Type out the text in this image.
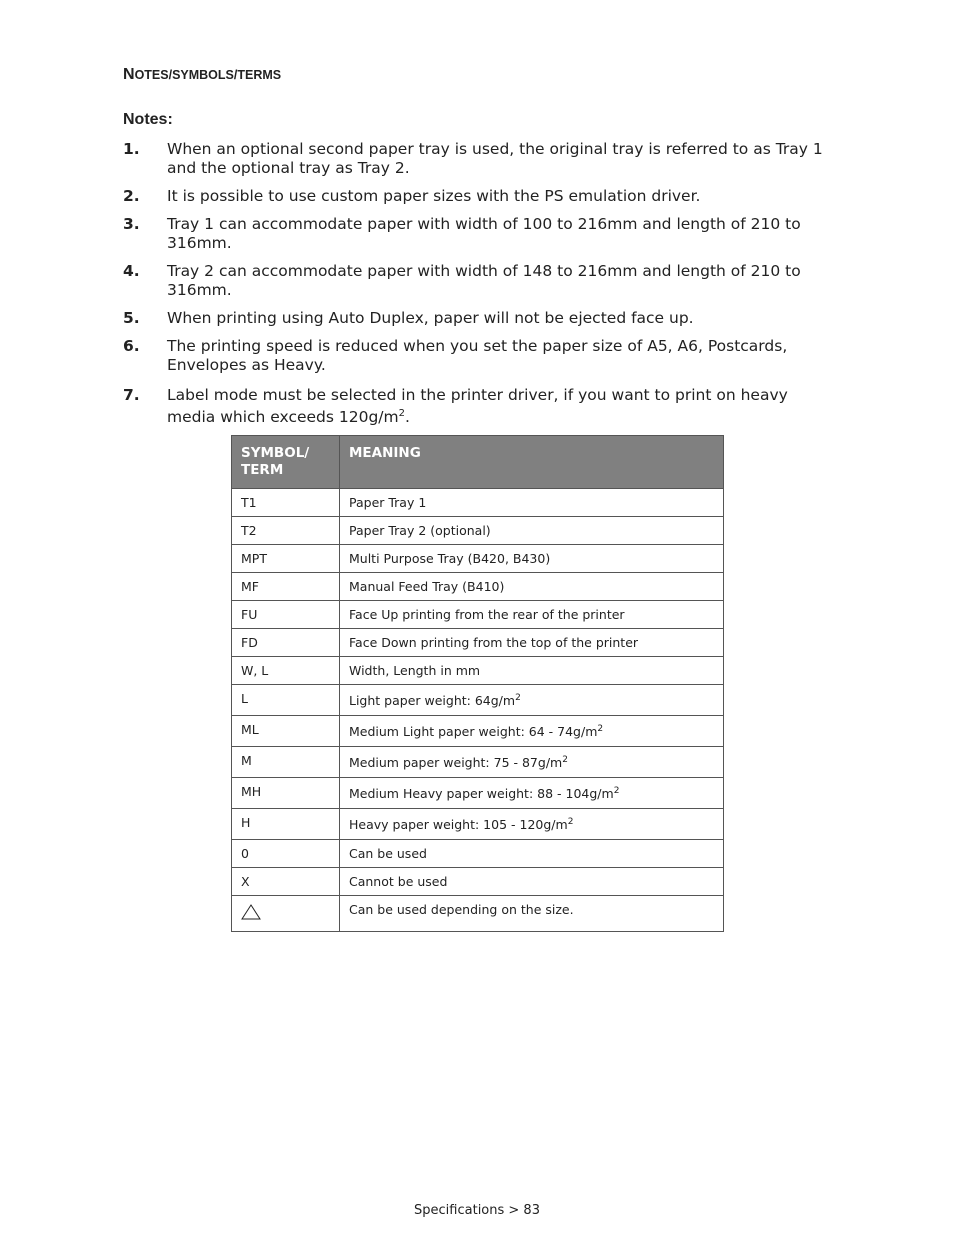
NOTES/SYMBOLS/TERMS
Notes:
1. When an optional second paper tray is used, the original tray is referred to as Tray 1 and the optional tray as Tray 2.
2. It is possible to use custom paper sizes with the PS emulation driver.
3. Tray 1 can accommodate paper with width of 100 to 216mm and length of 210 to 316mm.
4. Tray 2 can accommodate paper with width of 148 to 216mm and length of 210 to 316mm.
5. When printing using Auto Duplex, paper will not be ejected face up.
6. The printing speed is reduced when you set the paper size of A5, A6, Postcards, Envelopes as Heavy.
7. Label mode must be selected in the printer driver, if you want to print on heavy media which exceeds $120g/m^2$.
SYMBOL/ TERM	MEANING
T1	Paper Tray 1
T2	Paper Tray 2 (optional)
MPT	Multi Purpose Tray (B420, B430)
MF	Manual Feed Tray (B410)
FU	Face Up printing from the rear of the printer
FD	Face Down printing from the top of the printer
W, L	Width, Length in mm
L	Light paper weight: $64g/m^2$
ML	Medium Light paper weight: $64 - 74g/m^2$
M	Medium paper weight: $75 - 87g/m^2$
MH	Medium Heavy paper weight: $88 - 104g/m^2$
H	Heavy paper weight: $105 - 120g/m^2$
0	Can be used
X	Cannot be used
	Can be used depending on the size.
Specifications > 83
